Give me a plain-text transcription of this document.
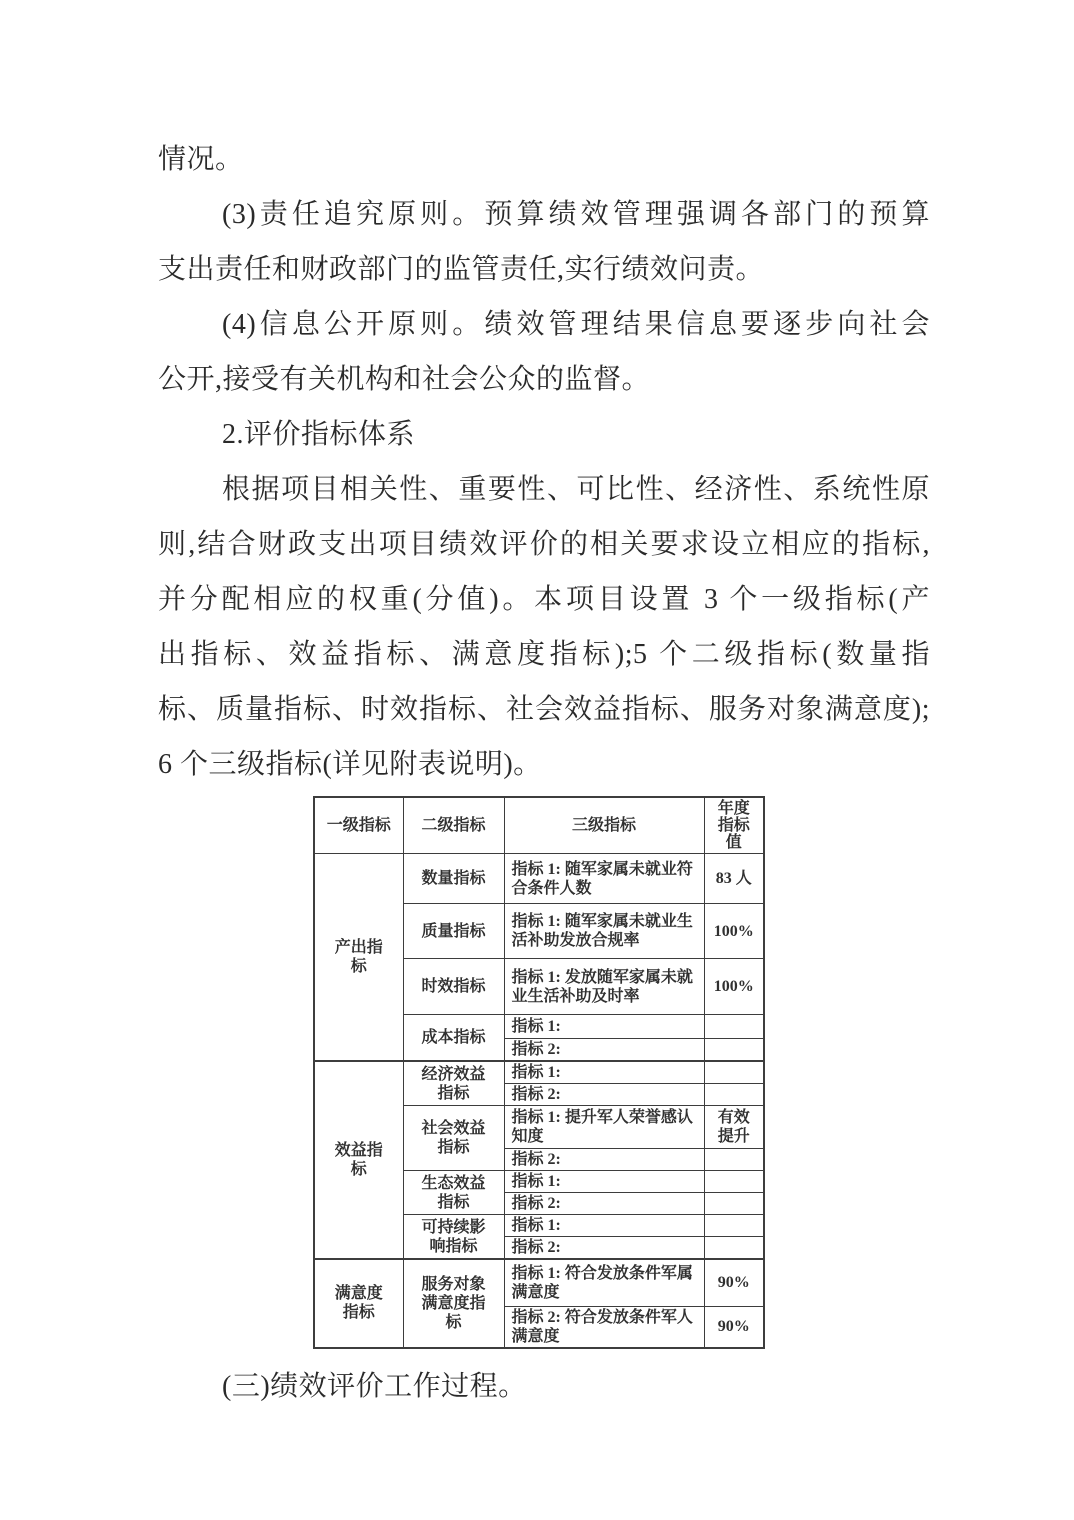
情况。
(3)责任追究原则。预算绩效管理强调各部门的预算
支出责任和财政部门的监管责任,实行绩效问责。
(4)信息公开原则。绩效管理结果信息要逐步向社会
公开,接受有关机构和社会公众的监督。
2.评价指标体系
根据项目相关性、重要性、可比性、经济性、系统性原
则,结合财政支出项目绩效评价的相关要求设立相应的指标,
并分配相应的权重(分值)。本项目设置 3 个一级指标(产
出指标、效益指标、满意度指标);5 个二级指标(数量指
标、质量指标、时效指标、社会效益指标、服务对象满意度);
6 个三级指标(详见附表说明)。
一级指标	二级指标	三级指标	年度指标值
产出指标	数量指标	指标 1: 随军家属未就业符合条件人数	83 人
	质量指标	指标 1: 随军家属未就业生活补助发放合规率	100%
	时效指标	指标 1: 发放随军家属未就业生活补助及时率	100%
	成本指标	指标 1:	
		指标 2:	
效益指标	经济效益指标	指标 1:	
		指标 2:	
	社会效益指标	指标 1: 提升军人荣誉感认知度	有效提升
		指标 2:	
	生态效益指标	指标 1:	
		指标 2:	
	可持续影响指标	指标 1:	
		指标 2:	
满意度指标	服务对象满意度指标	指标 1: 符合发放条件军属满意度	90%
		指标 2: 符合发放条件军人满意度	90%
(三)绩效评价工作过程。
